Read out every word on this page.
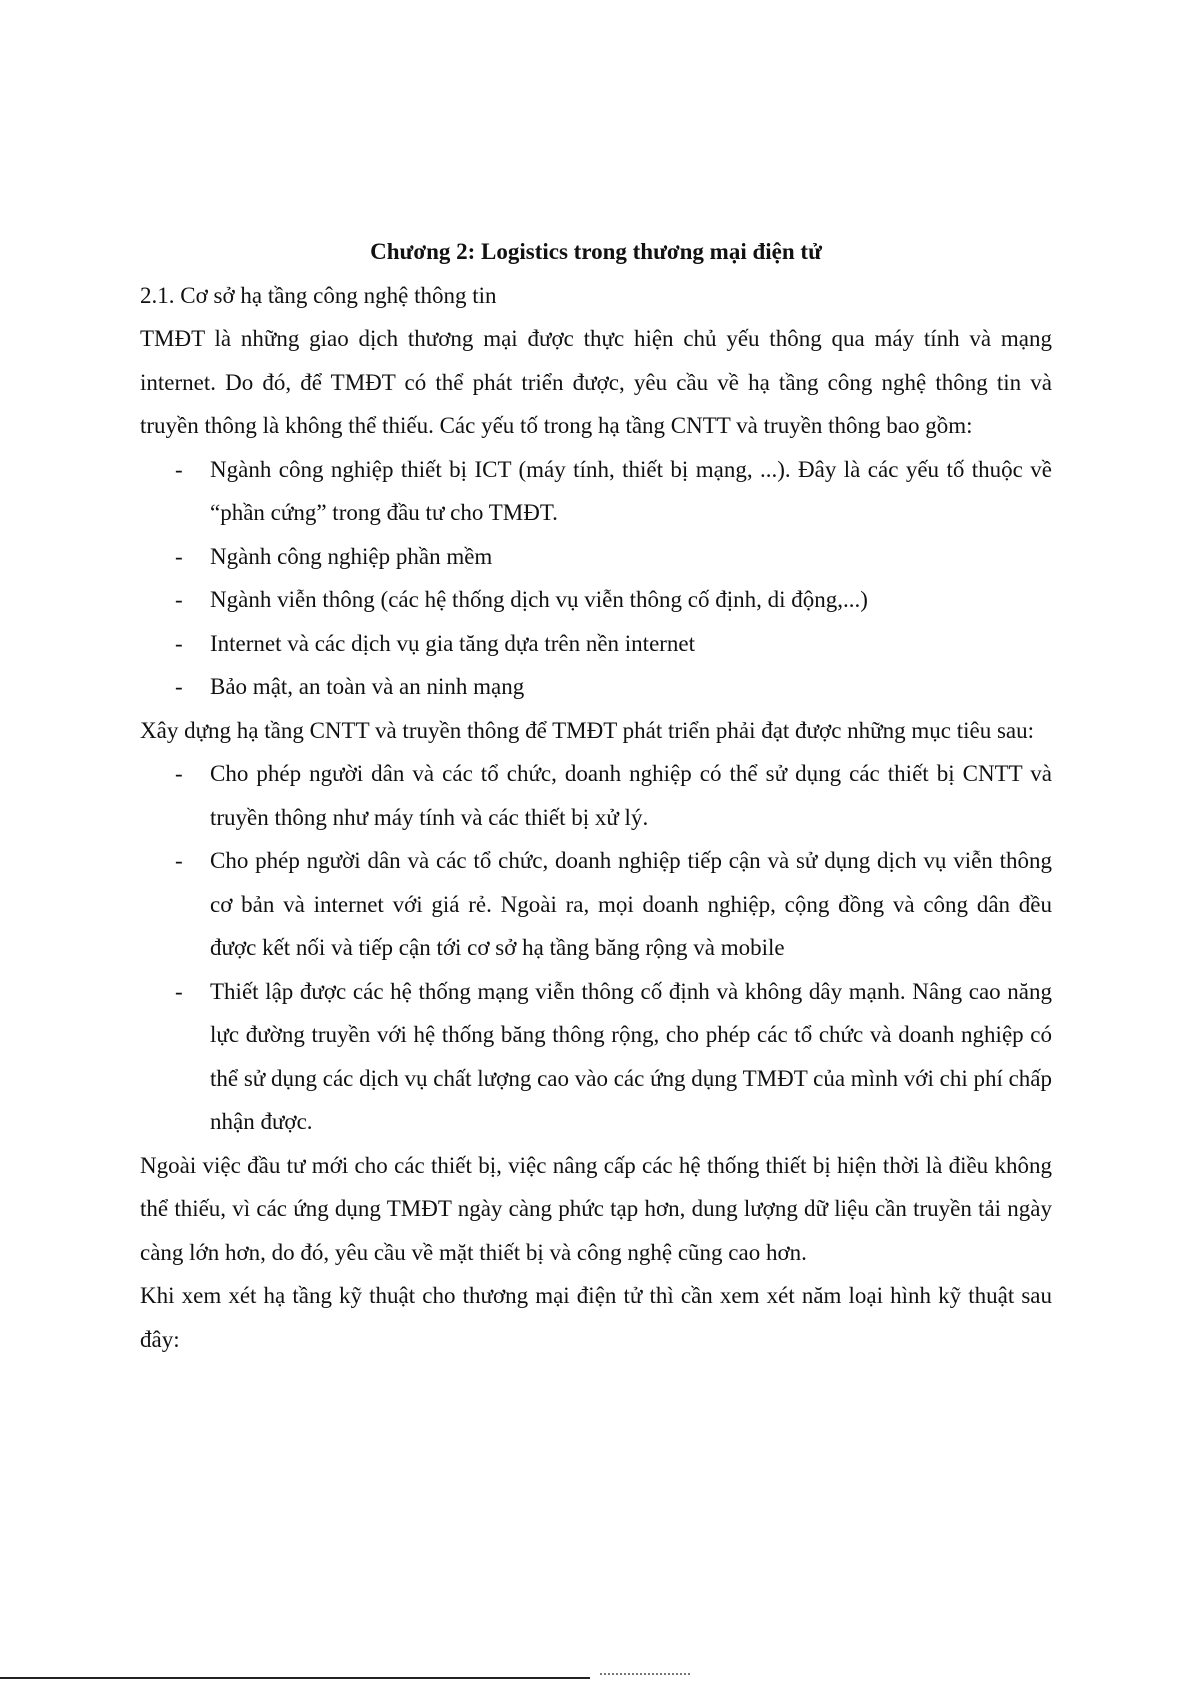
Chương 2: Logistics trong thương mại điện tử

2.1. Cơ sở hạ tầng công nghệ thông tin

TMĐT là những giao dịch thương mại được thực hiện chủ yếu thông qua máy tính và mạng internet. Do đó, để TMĐT có thể phát triển được, yêu cầu về hạ tầng công nghệ thông tin và truyền thông là không thể thiếu. Các yếu tố trong hạ tầng CNTT và truyền thông bao gồm:

- Ngành công nghiệp thiết bị ICT (máy tính, thiết bị mạng, ...). Đây là các yếu tố thuộc về “phần cứng” trong đầu tư cho TMĐT.
- Ngành công nghiệp phần mềm
- Ngành viễn thông (các hệ thống dịch vụ viễn thông cố định, di động,...)
- Internet và các dịch vụ gia tăng dựa trên nền internet
- Bảo mật, an toàn và an ninh mạng

Xây dựng hạ tầng CNTT và truyền thông để TMĐT phát triển phải đạt được những mục tiêu sau:

- Cho phép người dân và các tổ chức, doanh nghiệp có thể sử dụng các thiết bị CNTT và truyền thông như máy tính và các thiết bị xử lý.
- Cho phép người dân và các tổ chức, doanh nghiệp tiếp cận và sử dụng dịch vụ viễn thông cơ bản và internet với giá rẻ. Ngoài ra, mọi doanh nghiệp, cộng đồng và công dân đều được kết nối và tiếp cận tới cơ sở hạ tầng băng rộng và mobile
- Thiết lập được các hệ thống mạng viễn thông cố định và không dây mạnh. Nâng cao năng lực đường truyền với hệ thống băng thông rộng, cho phép các tổ chức và doanh nghiệp có thể sử dụng các dịch vụ chất lượng cao vào các ứng dụng TMĐT của mình với chi phí chấp nhận được.

Ngoài việc đầu tư mới cho các thiết bị, việc nâng cấp các hệ thống thiết bị hiện thời là điều không thể thiếu, vì các ứng dụng TMĐT ngày càng phức tạp hơn, dung lượng dữ liệu cần truyền tải ngày càng lớn hơn, do đó, yêu cầu về mặt thiết bị và công nghệ cũng cao hơn.

Khi xem xét hạ tầng kỹ thuật cho thương mại điện tử thì cần xem xét năm loại hình kỹ thuật sau đây:
